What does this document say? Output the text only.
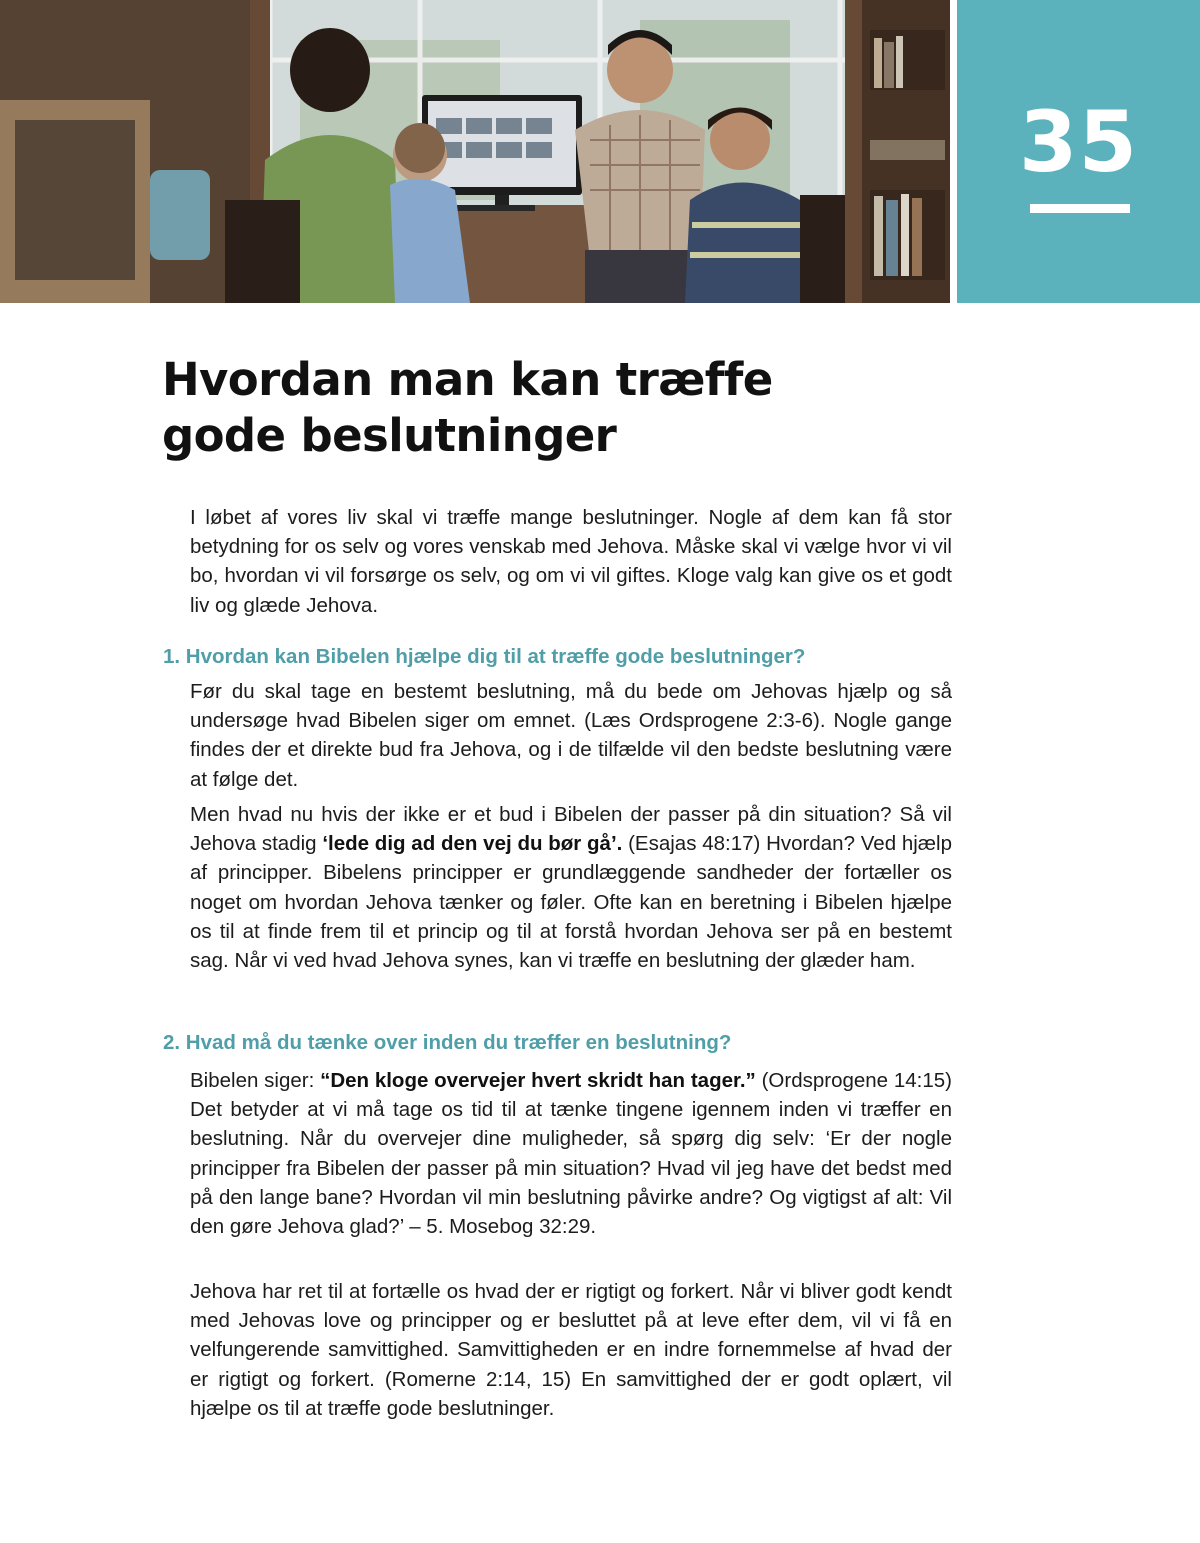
35
Hvordan man kan træffe
gode beslutninger

I løbet af vores liv skal vi træffe mange beslutninger. Nogle af dem kan få stor betydning for os selv og vores venskab med Jehova. Måske skal vi vælge hvor vi vil bo, hvordan vi vil forsørge os selv, og om vi vil giftes. Kloge valg kan give os et godt liv og glæde Jehova.

1. Hvordan kan Bibelen hjælpe dig til at træffe gode beslutninger?

Før du skal tage en bestemt beslutning, må du bede om Jehovas hjælp og så undersøge hvad Bibelen siger om emnet. (Læs Ordsprogene 2:3-6). Nogle gange findes der et direkte bud fra Jehova, og i de tilfælde vil den bedste beslutning være at følge det.

Men hvad nu hvis der ikke er et bud i Bibelen der passer på din situation? Så vil Jehova stadig ‘lede dig ad den vej du bør gå’. (Esajas 48:17) Hvordan? Ved hjælp af principper. Bibelens principper er grundlæggende sandheder der fortæller os noget om hvordan Jehova tænker og føler. Ofte kan en beretning i Bibelen hjælpe os til at finde frem til et princip og til at forstå hvordan Jehova ser på en bestemt sag. Når vi ved hvad Jehova synes, kan vi træffe en beslutning der glæder ham.

2. Hvad må du tænke over inden du træffer en beslutning?

Bibelen siger: “Den kloge overvejer hvert skridt han tager.” (Ordsprogene 14:15) Det betyder at vi må tage os tid til at tænke tingene igennem inden vi træffer en beslutning. Når du overvejer dine muligheder, så spørg dig selv: ‘Er der nogle principper fra Bibelen der passer på min situation? Hvad vil jeg have det bedst med på den lange bane? Hvordan vil min beslutning påvirke andre? Og vigtigst af alt: Vil den gøre Jehova glad?’ – 5. Mosebog 32:29.

Jehova har ret til at fortælle os hvad der er rigtigt og forkert. Når vi bliver godt kendt med Jehovas love og principper og er besluttet på at leve efter dem, vil vi få en velfungerende samvittighed. Samvittigheden er en indre fornemmelse af hvad der er rigtigt og forkert. (Romerne 2:14, 15) En samvittighed der er godt oplært, vil hjælpe os til at træffe gode beslutninger.
